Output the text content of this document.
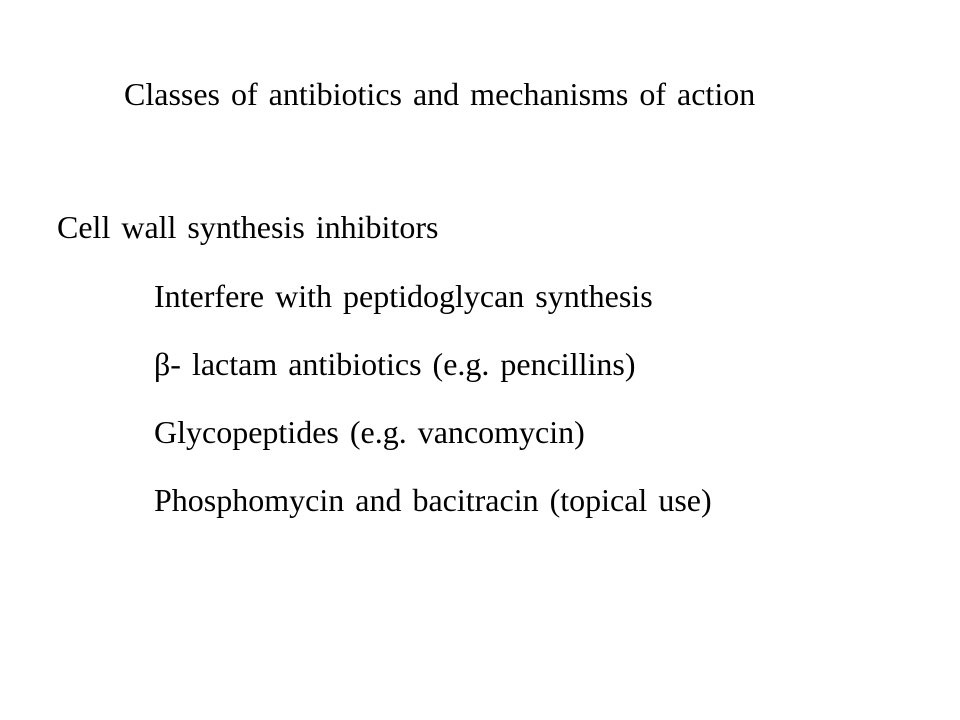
Classes of antibiotics and mechanisms of action
Cell wall synthesis inhibitors
Interfere with peptidoglycan synthesis
β- lactam antibiotics (e.g. pencillins)
Glycopeptides (e.g. vancomycin)
Phosphomycin and bacitracin (topical use)
